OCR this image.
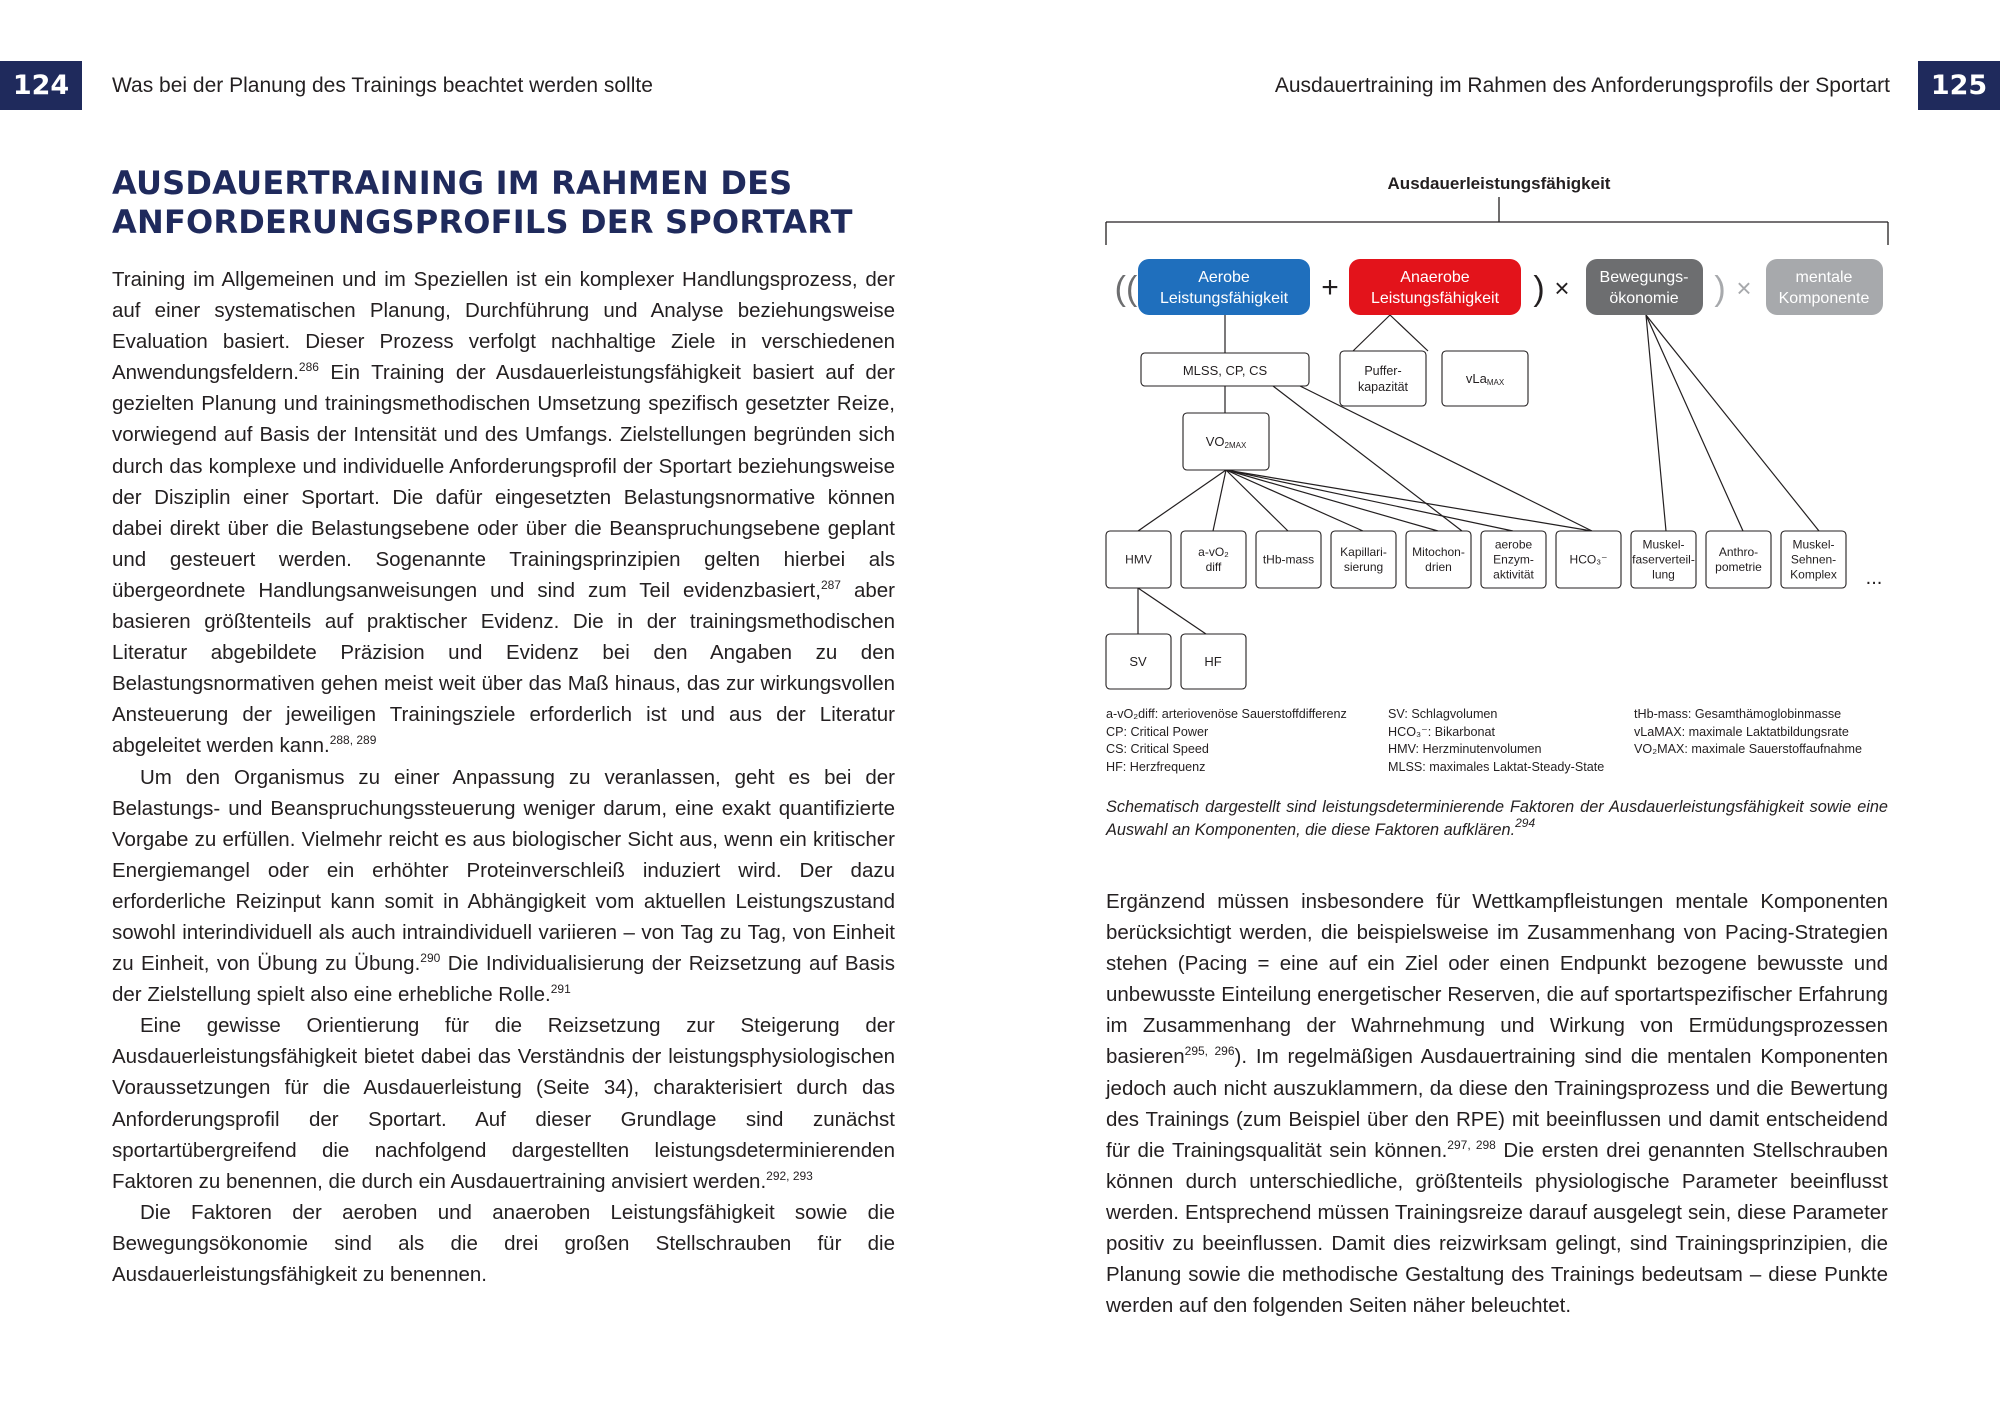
124	Was bei der Planung des Trainings beachtet werden sollte
AUSDAUERTRAINING IM RAHMEN DES
ANFORDERUNGSPROFILS DER SPORTART

Training im Allgemeinen und im Speziellen ist ein komplexer Handlungsprozess, der auf einer systematischen Planung, Durchführung und Analyse beziehungsweise Evaluation basiert. Dieser Prozess verfolgt nachhaltige Ziele in verschiedenen Anwendungsfeldern.$^{286}$ Ein Training der Ausdauerleistungsfähigkeit basiert auf der gezielten Planung und trainingsmethodischen Umsetzung spezifisch gesetzter Reize, vorwiegend auf Basis der Intensität und des Umfangs. Zielstellungen begründen sich durch das komplexe und individuelle Anforderungsprofil der Sportart beziehungsweise der Disziplin einer Sportart. Die dafür eingesetzten Belastungsnormative können dabei direkt über die Belastungsebene oder über die Beanspruchungsebene geplant und gesteuert werden. Sogenannte Trainingsprinzipien gelten hierbei als übergeordnete Handlungsanweisungen und sind zum Teil evidenzbasiert,$^{287}$ aber basieren größtenteils auf praktischer Evidenz. Die in der trainingsmethodischen Literatur abgebildete Präzision und Evidenz bei den Angaben zu den Belastungsnormativen gehen meist weit über das Maß hinaus, das zur wirkungsvollen Ansteuerung der jeweiligen Trainingsziele erforderlich ist und aus der Literatur abgeleitet werden kann.$^{288, 289}$

Um den Organismus zu einer Anpassung zu veranlassen, geht es bei der Belastungs- und Beanspruchungssteuerung weniger darum, eine exakt quantifizierte Vorgabe zu erfüllen. Vielmehr reicht es aus biologischer Sicht aus, wenn ein kritischer Energiemangel oder ein erhöhter Proteinverschleiß induziert wird. Der dazu erforderliche Reizinput kann somit in Abhängigkeit vom aktuellen Leistungszustand sowohl interindividuell als auch intraindividuell variieren – von Tag zu Tag, von Einheit zu Einheit, von Übung zu Übung.$^{290}$ Die Individualisierung der Reizsetzung auf Basis der Zielstellung spielt also eine erhebliche Rolle.$^{291}$

Eine gewisse Orientierung für die Reizsetzung zur Steigerung der Ausdauerleistungsfähigkeit bietet dabei das Verständnis der leistungsphysiologischen Voraussetzungen für die Ausdauerleistung (Seite 34), charakterisiert durch das Anforderungsprofil der Sportart. Auf dieser Grundlage sind zunächst sportartübergreifend die nachfolgend dargestellten leistungsdeterminierenden Faktoren zu benennen, die durch ein Ausdauertraining anvisiert werden.$^{292, 293}$

Die Faktoren der aeroben und anaeroben Leistungsfähigkeit sowie die Bewegungsökonomie sind als die drei großen Stellschrauben für die Ausdauerleistungsfähigkeit zu benennen.

Ausdauertraining im Rahmen des Anforderungsprofils der Sportart	125
Ausdauerleistungsfähigkeit
((	+	) ×	) ×
Aerobe
Leistungsfähigkeit
Anaerobe
Leistungsfähigkeit
Bewegungs-
ökonomie
mentale
Komponente
MLSS, CP, CS	Puffer-
kapazität
vLaMAX
VO2MAX
HMV
a-vO₂
diff
tHb-mass
Kapillari-
sierung
Mitochon-
drien
aerobe
Enzym-
aktivität
HCO₃⁻
Muskel-
faserverteil-
lung
Anthro-
pometrie
Muskel-
Sehnen-
Komplex ...
SV	HF
a-vO₂diff: arteriovenöse Sauerstoffdifferenz
CP: Critical Power
CS: Critical Speed
HF: Herzfrequenz
SV: Schlagvolumen
HCO₃⁻: Bikarbonat
HMV: Herzminutenvolumen
MLSS: maximales Laktat-Steady-State
tHb-mass: Gesamthämoglobinmasse
vLaMAX: maximale Laktatbildungsrate
VO₂MAX: maximale Sauerstoffaufnahme
Schematisch dargestellt sind leistungsdeterminierende Faktoren der Ausdauerleistungsfähigkeit sowie eine Auswahl an Komponenten, die diese Faktoren aufklären.$^{294}$

Ergänzend müssen insbesondere für Wettkampfleistungen mentale Komponenten berücksichtigt werden, die beispielsweise im Zusammenhang von Pacing-Strategien stehen (Pacing = eine auf ein Ziel oder einen Endpunkt bezogene bewusste und unbewusste Einteilung energetischer Reserven, die auf sportartspezifischer Erfahrung im Zusammenhang der Wahrnehmung und Wirkung von Ermüdungsprozessen basieren$^{295, 296}$). Im regelmäßigen Ausdauertraining sind die mentalen Komponenten jedoch auch nicht auszuklammern, da diese den Trainingsprozess und die Bewertung des Trainings (zum Beispiel über den RPE) mit beeinflussen und damit entscheidend für die Trainingsqualität sein können.$^{297, 298}$ Die ersten drei genannten Stellschrauben können durch unterschiedliche, größtenteils physiologische Parameter beeinflusst werden. Entsprechend müssen Trainingsreize darauf ausgelegt sein, diese Parameter positiv zu beeinflussen. Damit dies reizwirksam gelingt, sind Trainingsprinzipien, die Planung sowie die methodische Gestaltung des Trainings bedeutsam – diese Punkte werden auf den folgenden Seiten näher beleuchtet.
